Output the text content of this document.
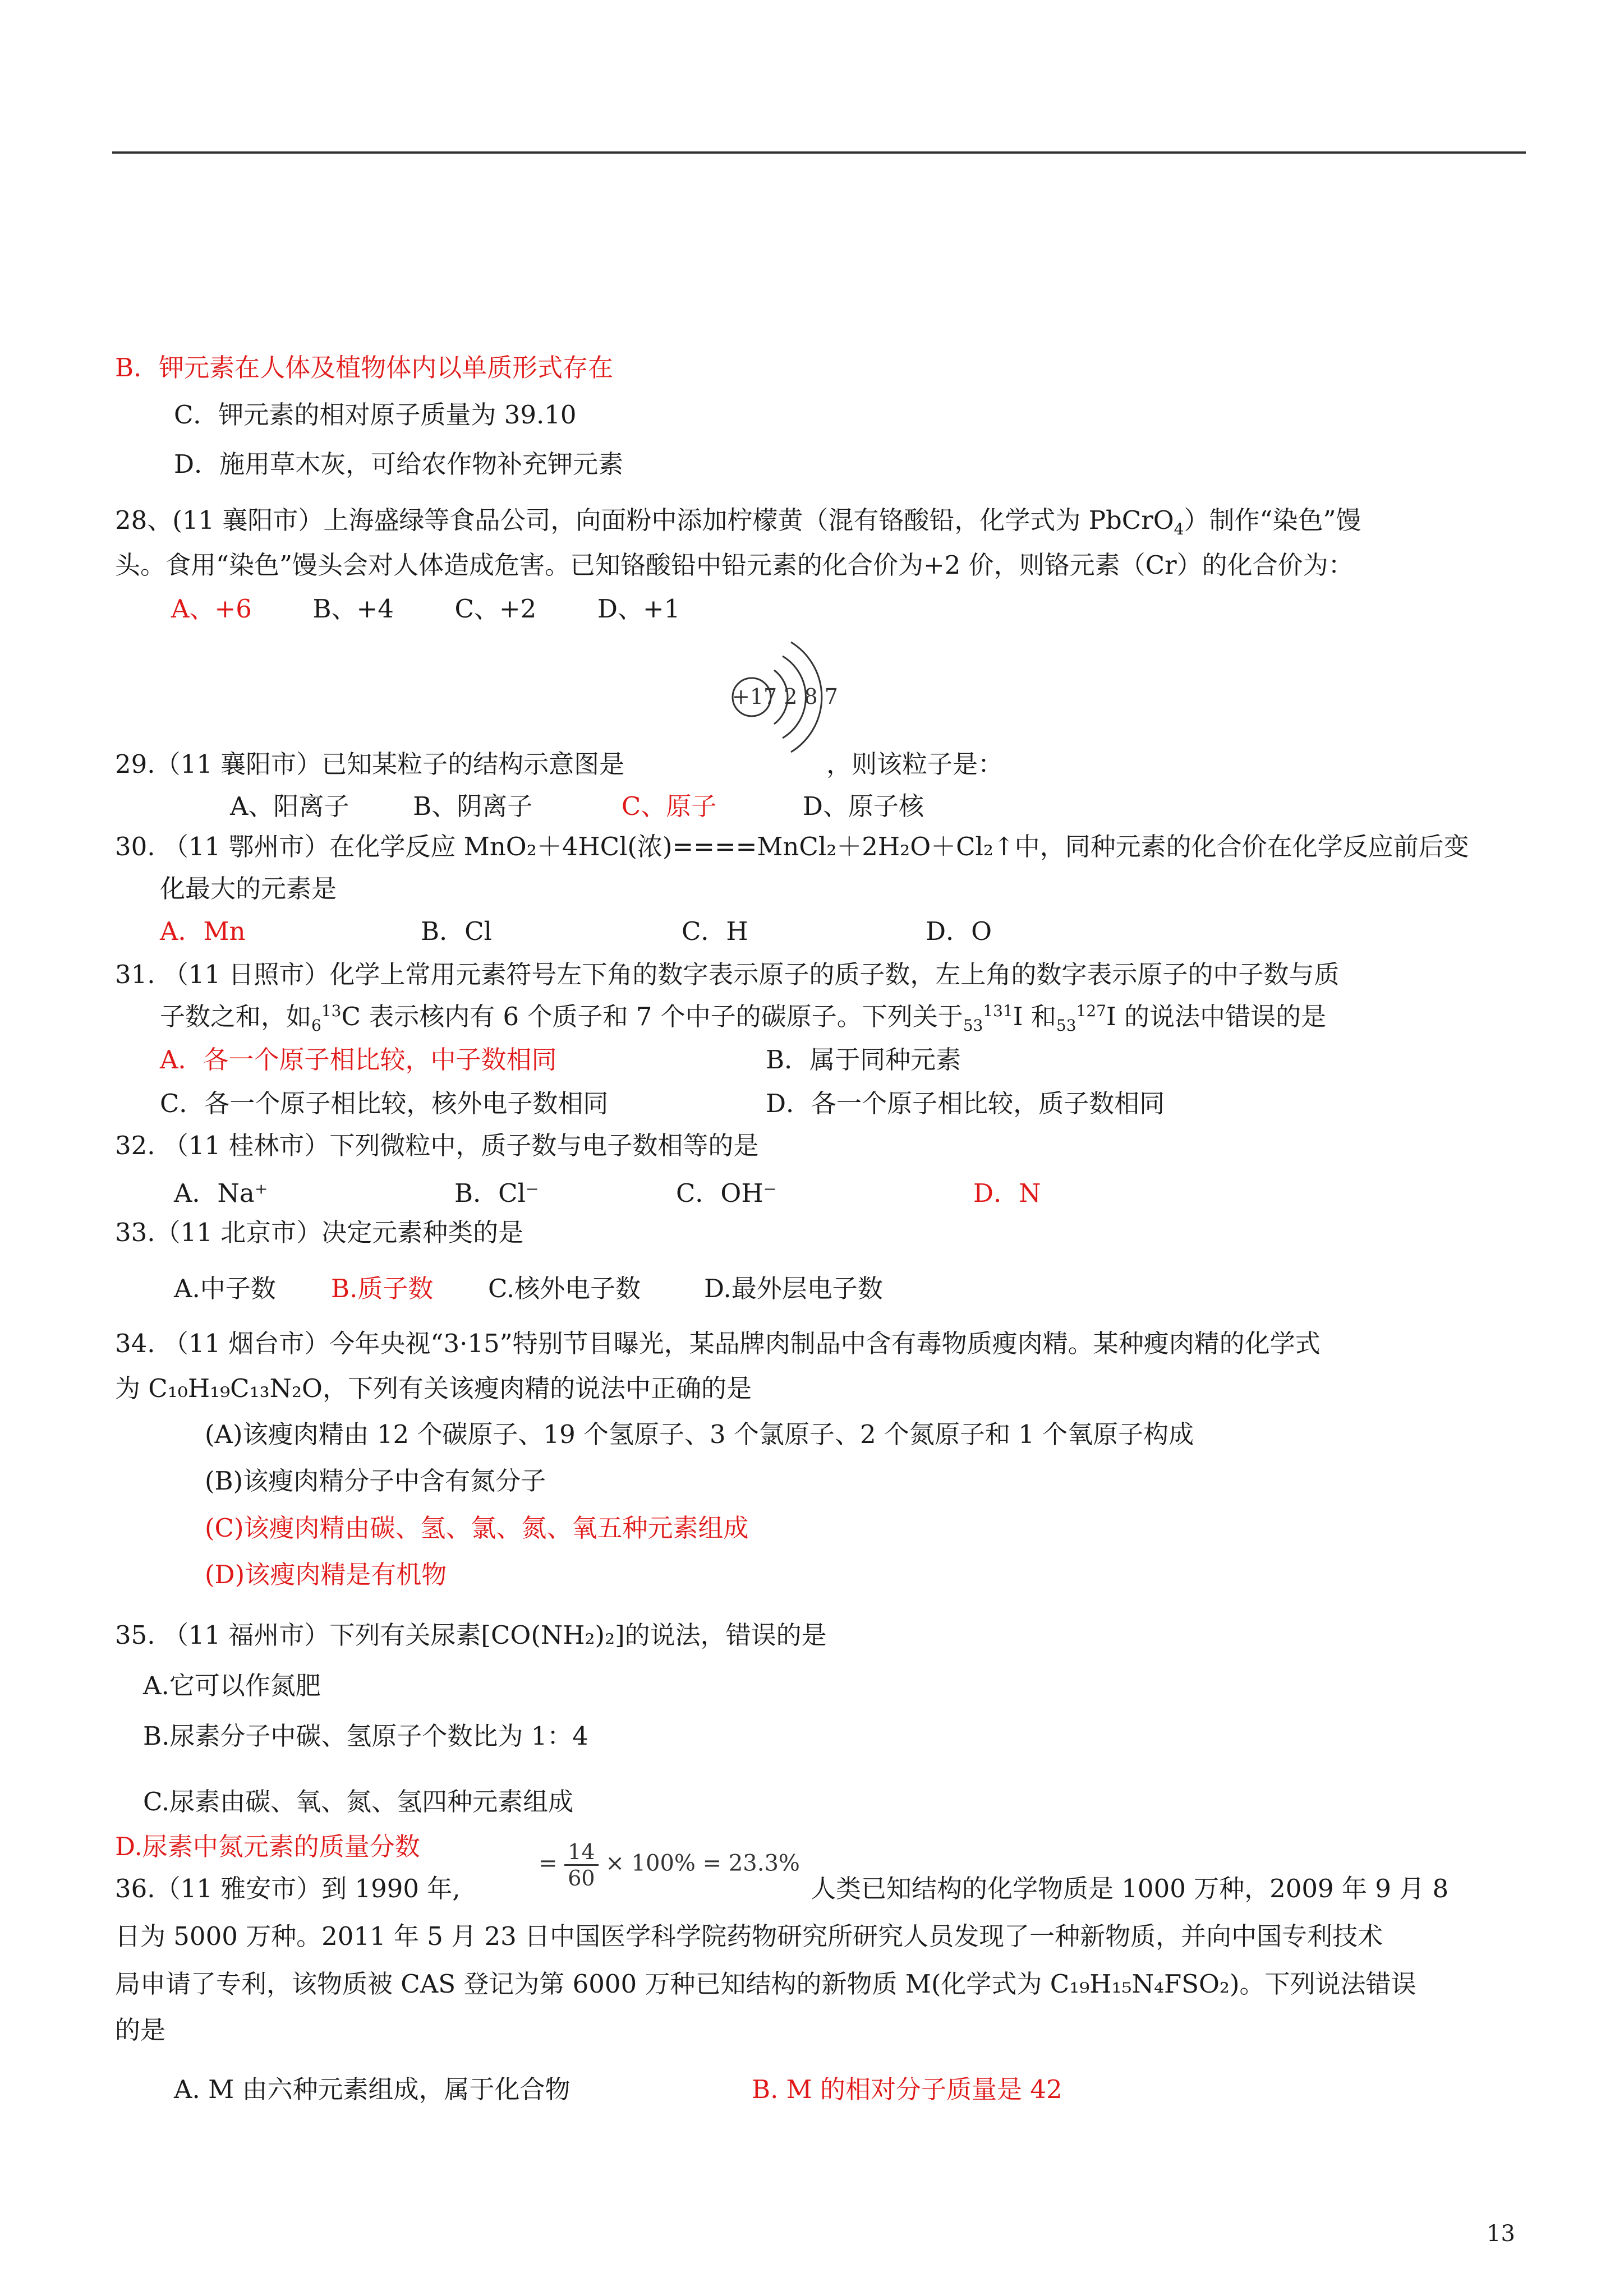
B．钾元素在人体及植物体内以单质形式存在
C．钾元素的相对原子质量为 39.10
D．施用草木灰，可给农作物补充钾元素
28、(11 襄阳市）上海盛绿等食品公司，向面粉中添加柠檬黄（混有铬酸铅，化学式为 PbCrO$_4$）制作“染色”馒
头。食用“染色”馒头会对人体造成危害。已知铬酸铅中铅元素的化合价为+2 价，则铬元素（Cr）的化合价为：
A、+6 B、+4 C、+2 D、+1
+17 2 8 7
29.（11 襄阳市）已知某粒子的结构示意图是	，则该粒子是：
A、阳离子	B、阴离子	C、原子	D、原子核
30. （11 鄂州市）在化学反应 MnO₂＋4HCl(浓)====MnCl₂＋2H₂O＋Cl₂↑中，同种元素的化合价在化学反应前后变
化最大的元素是
A．Mn	B．Cl	C．H	D．O
31. （11 日照市）化学上常用元素符号左下角的数字表示原子的质子数，左上角的数字表示原子的中子数与质
子数之和，如$_6^{13}$C 表示核内有 6 个质子和 7 个中子的碳原子。下列关于$_{53}^{131}$I 和$_{53}^{127}$I 的说法中错误的是
A．各一个原子相比较，中子数相同	B．属于同种元素
C．各一个原子相比较，核外电子数相同	D．各一个原子相比较，质子数相同
32. （11 桂林市）下列微粒中，质子数与电子数相等的是
A．Na⁺	B．Cl⁻	C．OH⁻	D．N
33.（11 北京市）决定元素种类的是
A.中子数 B.质子数 C.核外电子数	D.最外层电子数
34. （11 烟台市）今年央视“3·15”特别节目曝光，某品牌肉制品中含有毒物质瘦肉精。某种瘦肉精的化学式
为 C₁₀H₁₉C₁₃N₂O，下列有关该瘦肉精的说法中正确的是
(A)该瘦肉精由 12 个碳原子、19 个氢原子、3 个氯原子、2 个氮原子和 1 个氧原子构成
(B)该瘦肉精分子中含有氮分子
(C)该瘦肉精由碳、氢、氯、氮、氧五种元素组成
(D)该瘦肉精是有机物
35. （11 福州市）下列有关尿素[CO(NH₂)₂]的说法，错误的是
A.它可以作氮肥
B.尿素分子中碳、氢原子个数比为 1：4
C.尿素由碳、氧、氮、氢四种元素组成
D.尿素中氮元素的质量分数
= $\frac{14}{60} \times 100\% = 23.3\%$
36.（11 雅安市）到 1990 年,	人类已知结构的化学物质是 1000 万种，2009 年 9 月 8
日为 5000 万种。2011 年 5 月 23 日中国医学科学院药物研究所研究人员发现了一种新物质，并向中国专利技术
局申请了专利，该物质被 CAS 登记为第 6000 万种已知结构的新物质 M(化学式为 C₁₉H₁₅N₄FSO₂)。下列说法错误
的是
A. M 由六种元素组成，属于化合物	B. M 的相对分子质量是 42
13
